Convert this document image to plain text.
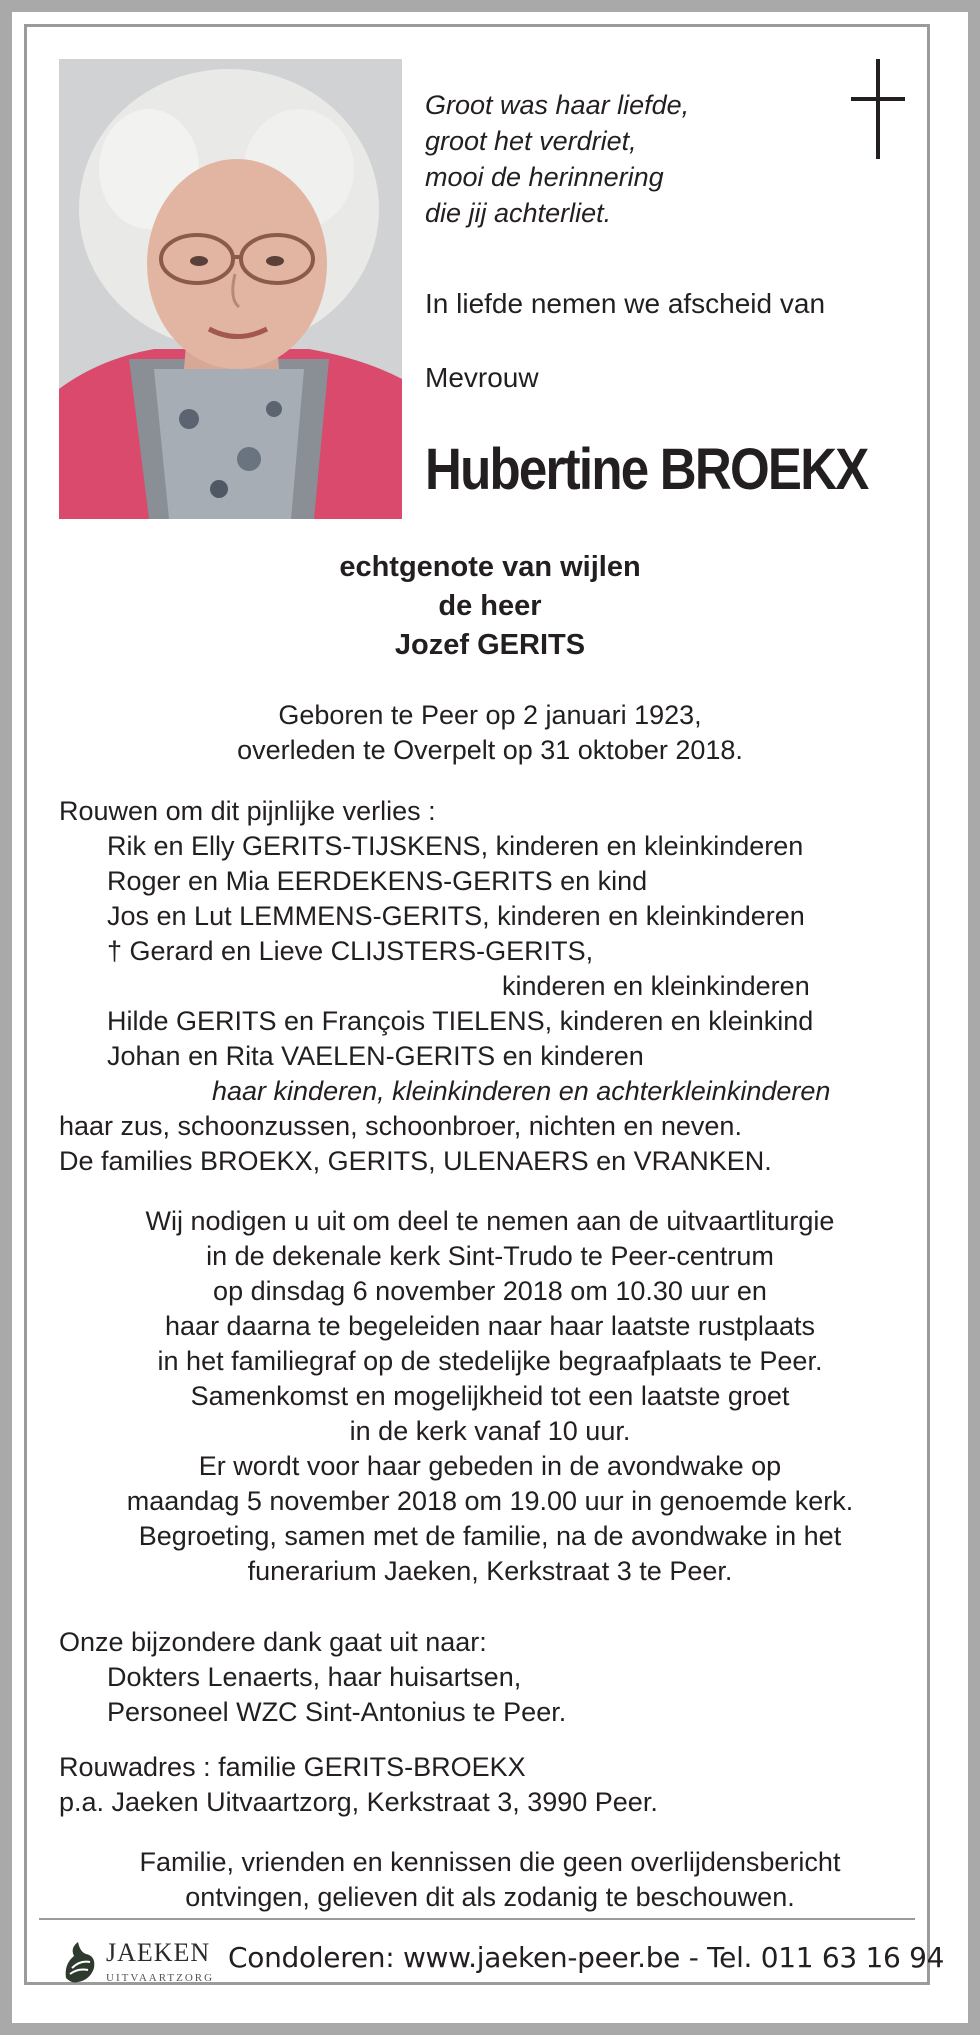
Groot was haar liefde,
groot het verdriet,
mooi de herinnering
die jij achterliet.
In liefde nemen we afscheid van
Mevrouw
Hubertine BROEKX
echtgenote van wijlen
de heer
Jozef GERITS
Geboren te Peer op 2 januari 1923,
overleden te Overpelt op 31 oktober 2018.
Rouwen om dit pijnlijke verlies :
Rik en Elly GERITS-TIJSKENS, kinderen en kleinkinderen
Roger en Mia EERDEKENS-GERITS en kind
Jos en Lut LEMMENS-GERITS, kinderen en kleinkinderen
† Gerard en Lieve CLIJSTERS-GERITS,
kinderen en kleinkinderen
Hilde GERITS en François TIELENS, kinderen en kleinkind
Johan en Rita VAELEN-GERITS en kinderen
haar kinderen, kleinkinderen en achterkleinkinderen
haar zus, schoonzussen, schoonbroer, nichten en neven.
De families BROEKX, GERITS, ULENAERS en VRANKEN.
Wij nodigen u uit om deel te nemen aan de uitvaartliturgie
in de dekenale kerk Sint-Trudo te Peer-centrum
op dinsdag 6 november 2018 om 10.30 uur en
haar daarna te begeleiden naar haar laatste rustplaats
in het familiegraf op de stedelijke begraafplaats te Peer.
Samenkomst en mogelijkheid tot een laatste groet
in de kerk vanaf 10 uur.
Er wordt voor haar gebeden in de avondwake op
maandag 5 november 2018 om 19.00 uur in genoemde kerk.
Begroeting, samen met de familie, na de avondwake in het
funerarium Jaeken, Kerkstraat 3 te Peer.
Onze bijzondere dank gaat uit naar:
Dokters Lenaerts, haar huisartsen,
Personeel WZC Sint-Antonius te Peer.
Rouwadres : familie GERITS-BROEKX
p.a. Jaeken Uitvaartzorg, Kerkstraat 3, 3990 Peer.
Familie, vrienden en kennissen die geen overlijdensbericht
ontvingen, gelieven dit als zodanig te beschouwen.
JAEKEN
UITVAARTZORG
Condoleren: www.jaeken-peer.be - Tel. 011 63 16 94
